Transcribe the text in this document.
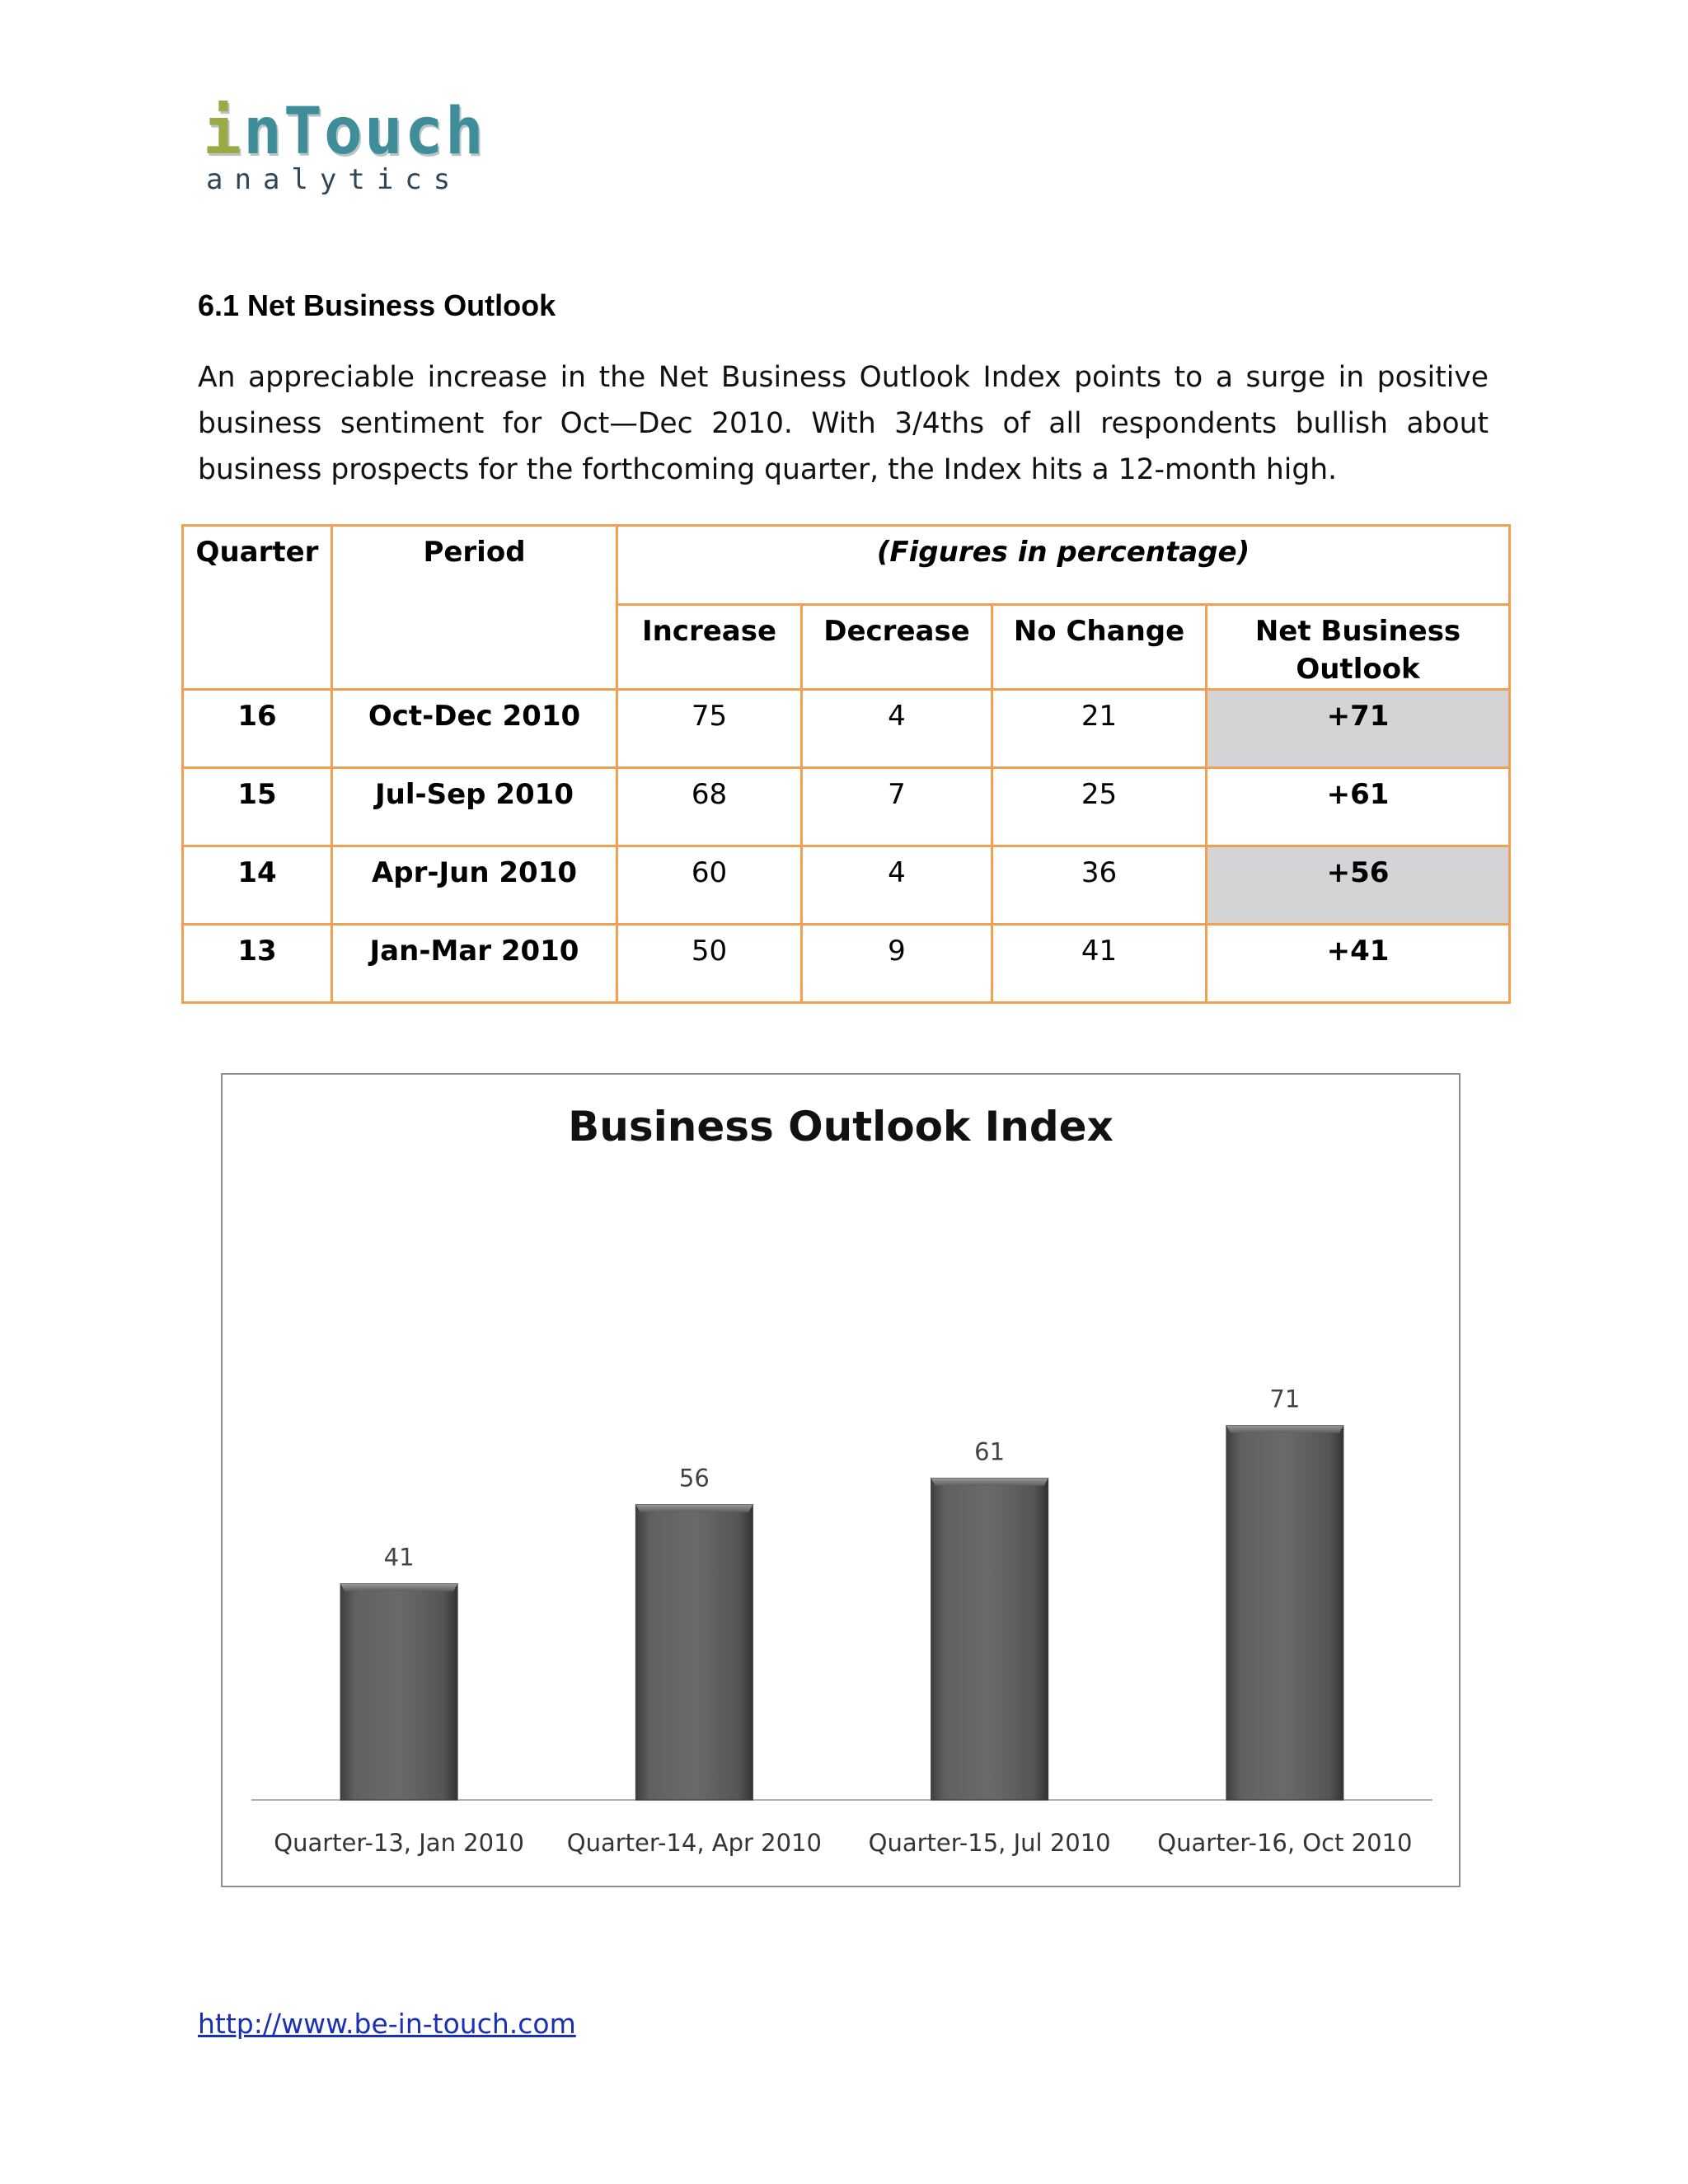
inTouch
analytics
6.1 Net Business Outlook
An appreciable increase in the Net Business Outlook Index points to a surge in positive business sentiment for Oct—Dec 2010. With 3/4ths of all respondents bullish about business prospects for the forthcoming quarter, the Index hits a 12-month high.
Quarter	Period	(Figures in percentage)			

		Increase	Decrease	No Change	Net Business Outlook

16	Oct-Dec 2010	75	4	21	+71

15	Jul-Sep 2010	68	7	25	+61

14	Apr-Jun 2010	60	4	36	+56

13	Jan-Mar 2010	50	9	41	+41
Business Outlook Index
41
Quarter-13, Jan 2010
56
Quarter-14, Apr 2010
61
Quarter-15, Jul 2010
71
Quarter-16, Oct 2010
http://www.be-in-touch.com
